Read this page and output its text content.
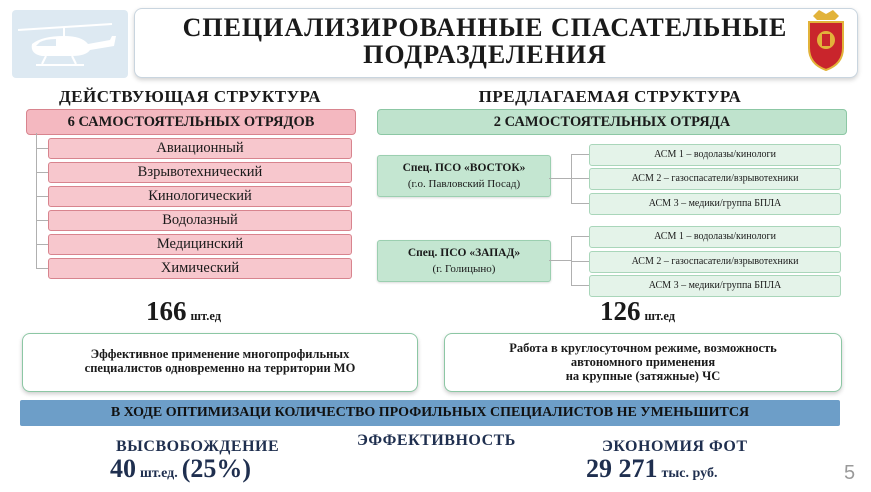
СПЕЦИАЛИЗИРОВАННЫЕ СПАСАТЕЛЬНЫЕ
ПОДРАЗДЕЛЕНИЯ
ДЕЙСТВУЮЩАЯ СТРУКТУРА	ПРЕДЛАГАЕМАЯ СТРУКТУРА
6 САМОСТОЯТЕЛЬНЫХ ОТРЯДОВ
Авиационный
Взрывотехнический
Кинологический
Водолазный
Медицинский
Химический
166 шт.ед
Эффективное применение многопрофильных
специалистов одновременно на территории МО
2 САМОСТОЯТЕЛЬНЫХ ОТРЯДА
Спец. ПСО «ВОСТОК»
(г.о. Павловский Посад)
АСМ 1 – водолазы/кинологи
АСМ 2 – газоспасатели/взрывотехники
АСМ 3 – медики/группа БПЛА
Спец. ПСО «ЗАПАД»
(г. Голицыно)
АСМ 1 – водолазы/кинологи
АСМ 2 – газоспасатели/взрывотехники
АСМ 3 – медики/группа БПЛА
126 шт.ед
Работа в круглосуточном режиме, возможность
автономного применения
на крупные (затяжные) ЧС
В ХОДЕ ОПТИМИЗАЦИ КОЛИЧЕСТВО ПРОФИЛЬНЫХ СПЕЦИАЛИСТОВ НЕ УМЕНЬШИТСЯ
ВЫСВОБОЖДЕНИЕ
40 шт.ед. (25%)
ЭФФЕКТИВНОСТЬ	ЭКОНОМИЯ ФОТ
29 271 тыс. руб.	5
